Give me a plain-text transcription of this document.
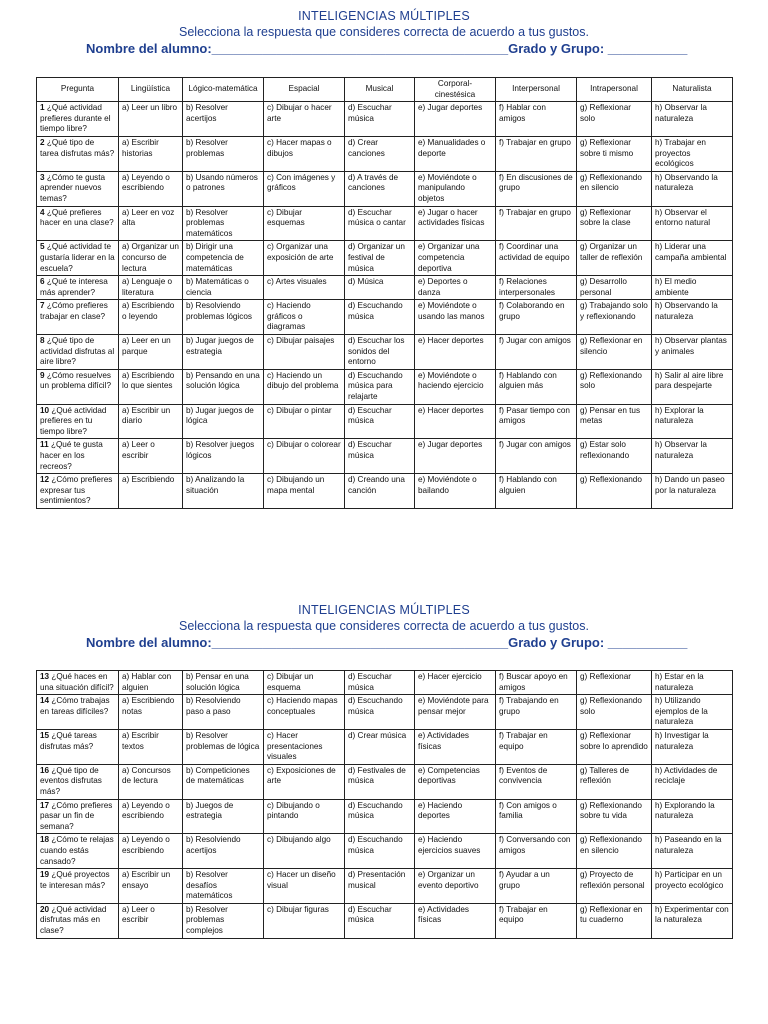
INTELIGENCIAS MÚLTIPLES
Selecciona la respuesta que consideres correcta de acuerdo a tus gustos.
Nombre del alumno:_________________________________________Grado y Grupo: ___________
Pregunta	Lingüística	Lógico-matemática	Espacial	Musical	Corporal-cinestésica	Interpersonal	Intrapersonal	Naturalista
1 ¿Qué actividad prefieres durante el tiempo libre?	a) Leer un libro	b) Resolver acertijos	c) Dibujar o hacer arte	d) Escuchar música	e) Jugar deportes	f) Hablar con amigos	g) Reflexionar solo	h) Observar la naturaleza
2 ¿Qué tipo de tarea disfrutas más?	a) Escribir historias	b) Resolver problemas	c) Hacer mapas o dibujos	d) Crear canciones	e) Manualidades o deporte	f) Trabajar en grupo	g) Reflexionar sobre ti mismo	h) Trabajar en proyectos ecológicos
3 ¿Cómo te gusta aprender nuevos temas?	a) Leyendo o escribiendo	b) Usando números o patrones	c) Con imágenes y gráficos	d) A través de canciones	e) Moviéndote o manipulando objetos	f) En discusiones de grupo	g) Reflexionando en silencio	h) Observando la naturaleza
4 ¿Qué prefieres hacer en una clase?	a) Leer en voz alta	b) Resolver problemas matemáticos	c) Dibujar esquemas	d) Escuchar música o cantar	e) Jugar o hacer actividades físicas	f) Trabajar en grupo	g) Reflexionar sobre la clase	h) Observar el entorno natural
5 ¿Qué actividad te gustaría liderar en la escuela?	a) Organizar un concurso de lectura	b) Dirigir una competencia de matemáticas	c) Organizar una exposición de arte	d) Organizar un festival de música	e) Organizar una competencia deportiva	f) Coordinar una actividad de equipo	g) Organizar un taller de reflexión	h) Liderar una campaña ambiental
6 ¿Qué te interesa más aprender?	a) Lenguaje o literatura	b) Matemáticas o ciencia	c) Artes visuales	d) Música	e) Deportes o danza	f) Relaciones interpersonales	g) Desarrollo personal	h) El medio ambiente
7 ¿Cómo prefieres trabajar en clase?	a) Escribiendo o leyendo	b) Resolviendo problemas lógicos	c) Haciendo gráficos o diagramas	d) Escuchando música	e) Moviéndote o usando las manos	f) Colaborando en grupo	g) Trabajando solo y reflexionando	h) Observando la naturaleza
8 ¿Qué tipo de actividad disfrutas al aire libre?	a) Leer en un parque	b) Jugar juegos de estrategia	c) Dibujar paisajes	d) Escuchar los sonidos del entorno	e) Hacer deportes	f) Jugar con amigos	g) Reflexionar en silencio	h) Observar plantas y animales
9 ¿Cómo resuelves un problema difícil?	a) Escribiendo lo que sientes	b) Pensando en una solución lógica	c) Haciendo un dibujo del problema	d) Escuchando música para relajarte	e) Moviéndote o haciendo ejercicio	f) Hablando con alguien más	g) Reflexionando solo	h) Salir al aire libre para despejarte
10 ¿Qué actividad prefieres en tu tiempo libre?	a) Escribir un diario	b) Jugar juegos de lógica	c) Dibujar o pintar	d) Escuchar música	e) Hacer deportes	f) Pasar tiempo con amigos	g) Pensar en tus metas	h) Explorar la naturaleza
11 ¿Qué te gusta hacer en los recreos?	a) Leer o escribir	b) Resolver juegos lógicos	c) Dibujar o colorear	d) Escuchar música	e) Jugar deportes	f) Jugar con amigos	g) Estar solo reflexionando	h) Observar la naturaleza
12 ¿Cómo prefieres expresar tus sentimientos?	a) Escribiendo	b) Analizando la situación	c) Dibujando un mapa mental	d) Creando una canción	e) Moviéndote o bailando	f) Hablando con alguien	g) Reflexionando	h) Dando un paseo por la naturaleza
INTELIGENCIAS MÚLTIPLES
Selecciona la respuesta que consideres correcta de acuerdo a tus gustos.
Nombre del alumno:_________________________________________Grado y Grupo: ___________
13 ¿Qué haces en una situación difícil?	a) Hablar con alguien	b) Pensar en una solución lógica	c) Dibujar un esquema	d) Escuchar música	e) Hacer ejercicio	f) Buscar apoyo en amigos	g) Reflexionar	h) Estar en la naturaleza
14 ¿Cómo trabajas en tareas difíciles?	a) Escribiendo notas	b) Resolviendo paso a paso	c) Haciendo mapas conceptuales	d) Escuchando música	e) Moviéndote para pensar mejor	f) Trabajando en grupo	g) Reflexionando solo	h) Utilizando ejemplos de la naturaleza
15 ¿Qué tareas disfrutas más?	a) Escribir textos	b) Resolver problemas de lógica	c) Hacer presentaciones visuales	d) Crear música	e) Actividades físicas	f) Trabajar en equipo	g) Reflexionar sobre lo aprendido	h) Investigar la naturaleza
16 ¿Qué tipo de eventos disfrutas más?	a) Concursos de lectura	b) Competiciones de matemáticas	c) Exposiciones de arte	d) Festivales de música	e) Competencias deportivas	f) Eventos de convivencia	g) Talleres de reflexión	h) Actividades de reciclaje
17 ¿Cómo prefieres pasar un fin de semana?	a) Leyendo o escribiendo	b) Juegos de estrategia	c) Dibujando o pintando	d) Escuchando música	e) Haciendo deportes	f) Con amigos o familia	g) Reflexionando sobre tu vida	h) Explorando la naturaleza
18 ¿Cómo te relajas cuando estás cansado?	a) Leyendo o escribiendo	b) Resolviendo acertijos	c) Dibujando algo	d) Escuchando música	e) Haciendo ejercicios suaves	f) Conversando con amigos	g) Reflexionando en silencio	h) Paseando en la naturaleza
19 ¿Qué proyectos te interesan más?	a) Escribir un ensayo	b) Resolver desafíos matemáticos	c) Hacer un diseño visual	d) Presentación musical	e) Organizar un evento deportivo	f) Ayudar a un grupo	g) Proyecto de reflexión personal	h) Participar en un proyecto ecológico
20 ¿Qué actividad disfrutas más en clase?	a) Leer o escribir	b) Resolver problemas complejos	c) Dibujar figuras	d) Escuchar música	e) Actividades físicas	f) Trabajar en equipo	g) Reflexionar en tu cuaderno	h) Experimentar con la naturaleza
